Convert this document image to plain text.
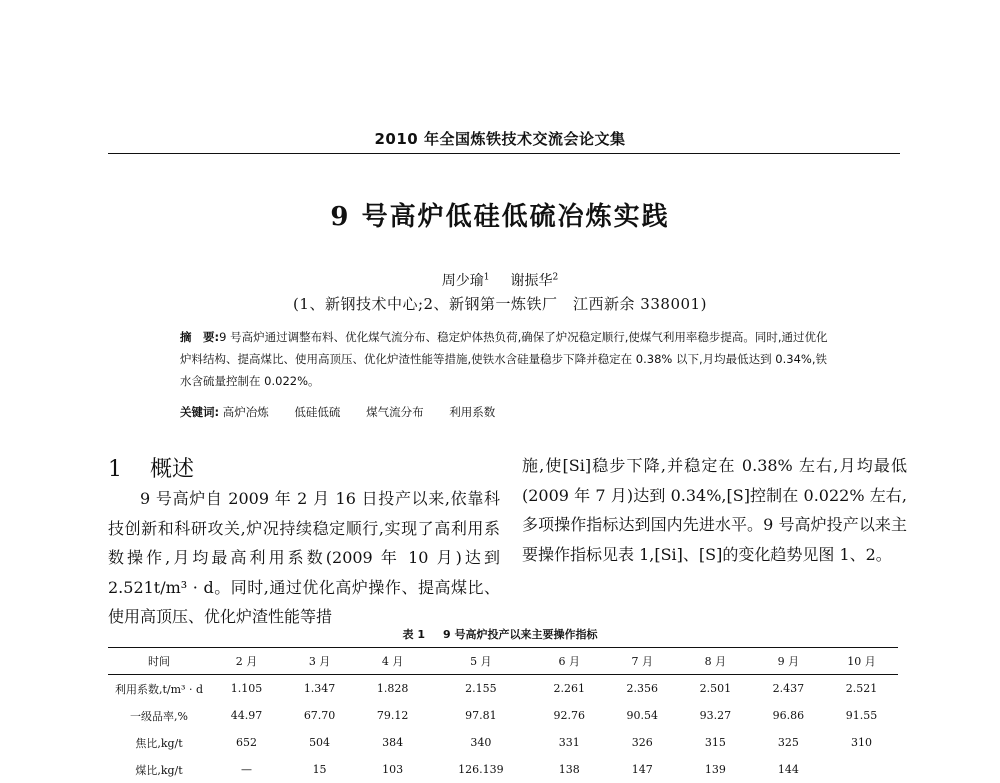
2010 年全国炼铁技术交流会论文集
9 号高炉低硅低硫冶炼实践
周少瑜$^1$   谢振华$^2$
(1、新钢技术中心;2、新钢第一炼铁厂　江西新余 338001)
摘　要:9 号高炉通过调整布料、优化煤气流分布、稳定炉体热负荷,确保了炉况稳定顺行,使煤气利用率稳步提高。同时,通过优化炉料结构、提高煤比、使用高顶压、优化炉渣性能等措施,使铁水含硅量稳步下降并稳定在 0.38% 以下,月均最低达到 0.34%,铁水含硫量控制在 0.022%。
关键词: 高炉冶炼 低硅低硫 煤气流分布 利用系数
1 概述

9 号高炉自 2009 年 2 月 16 日投产以来,依靠科技创新和科研攻关,炉况持续稳定顺行,实现了高利用系数操作,月均最高利用系数(2009 年 10 月)达到 2.521t/m³ · d。同时,通过优化高炉操作、提高煤比、使用高顶压、优化炉渣性能等措

施,使[Si]稳步下降,并稳定在 0.38% 左右,月均最低(2009 年 7 月)达到 0.34%,[S]控制在 0.022% 左右,多项操作指标达到国内先进水平。9 号高炉投产以来主要操作指标见表 1,[Si]、[S]的变化趋势见图 1、2。

表 1 9 号高炉投产以来主要操作指标
时间	2 月	3 月	4 月	5 月	6 月	7 月	8 月	9 月	10 月
利用系数,t/m³ · d	1.105	1.347	1.828	2.155	2.261	2.356	2.501	2.437	2.521
一级品率,%	44.97	67.70	79.12	97.81	92.76	90.54	93.27	96.86	91.55
焦比,kg/t	652	504	384	340	331	326	315	325	310
煤比,kg/t	—	15	103	126.139	138	147	139	144	
